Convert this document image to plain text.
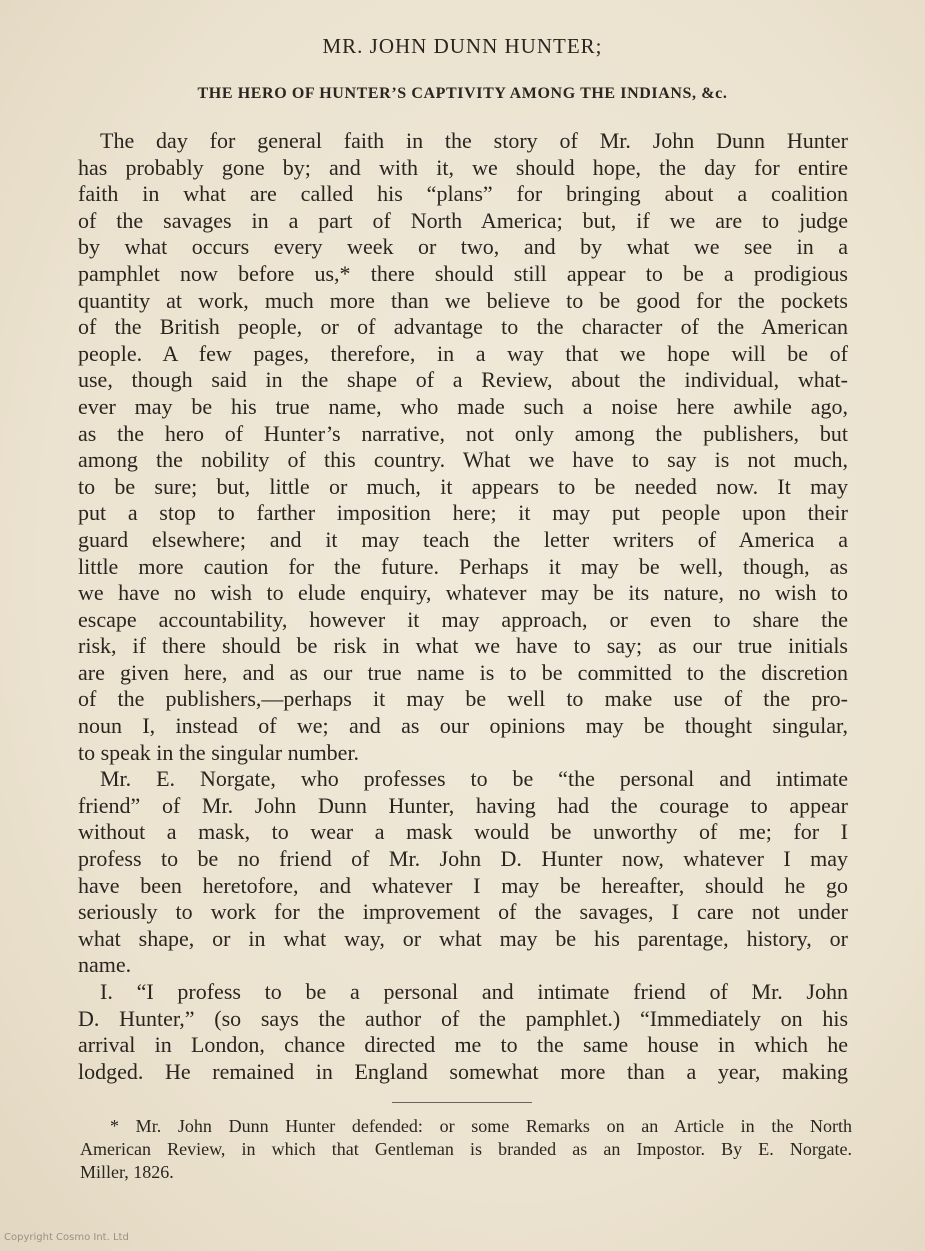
MR. JOHN DUNN HUNTER;
THE HERO OF HUNTER’S CAPTIVITY AMONG THE INDIANS, &c.
The day for general faith in the story of Mr. John Dunn Hunter
has probably gone by; and with it, we should hope, the day for entire
faith in what are called his “plans” for bringing about a coalition
of the savages in a part of North America; but, if we are to judge
by what occurs every week or two, and by what we see in a
pamphlet now before us,* there should still appear to be a prodigious
quantity at work, much more than we believe to be good for the pockets
of the British people, or of advantage to the character of the American
people. A few pages, therefore, in a way that we hope will be of
use, though said in the shape of a Review, about the individual, what-
ever may be his true name, who made such a noise here awhile ago,
as the hero of Hunter’s narrative, not only among the publishers, but
among the nobility of this country. What we have to say is not much,
to be sure; but, little or much, it appears to be needed now. It may
put a stop to farther imposition here; it may put people upon their
guard elsewhere; and it may teach the letter writers of America a
little more caution for the future. Perhaps it may be well, though, as
we have no wish to elude enquiry, whatever may be its nature, no wish to
escape accountability, however it may approach, or even to share the
risk, if there should be risk in what we have to say; as our true initials
are given here, and as our true name is to be committed to the discretion
of the publishers,—perhaps it may be well to make use of the pro-
noun I, instead of we; and as our opinions may be thought singular,
to speak in the singular number.
Mr. E. Norgate, who professes to be “the personal and intimate
friend” of Mr. John Dunn Hunter, having had the courage to appear
without a mask, to wear a mask would be unworthy of me; for I
profess to be no friend of Mr. John D. Hunter now, whatever I may
have been heretofore, and whatever I may be hereafter, should he go
seriously to work for the improvement of the savages, I care not under
what shape, or in what way, or what may be his parentage, history, or
name.
I. “I profess to be a personal and intimate friend of Mr. John
D. Hunter,” (so says the author of the pamphlet.) “Immediately on his
arrival in London, chance directed me to the same house in which he
lodged. He remained in England somewhat more than a year, making
* Mr. John Dunn Hunter defended: or some Remarks on an Article in the North
American Review, in which that Gentleman is branded as an Impostor. By E. Norgate.
Miller, 1826.
Copyright Cosmo Int. Ltd
